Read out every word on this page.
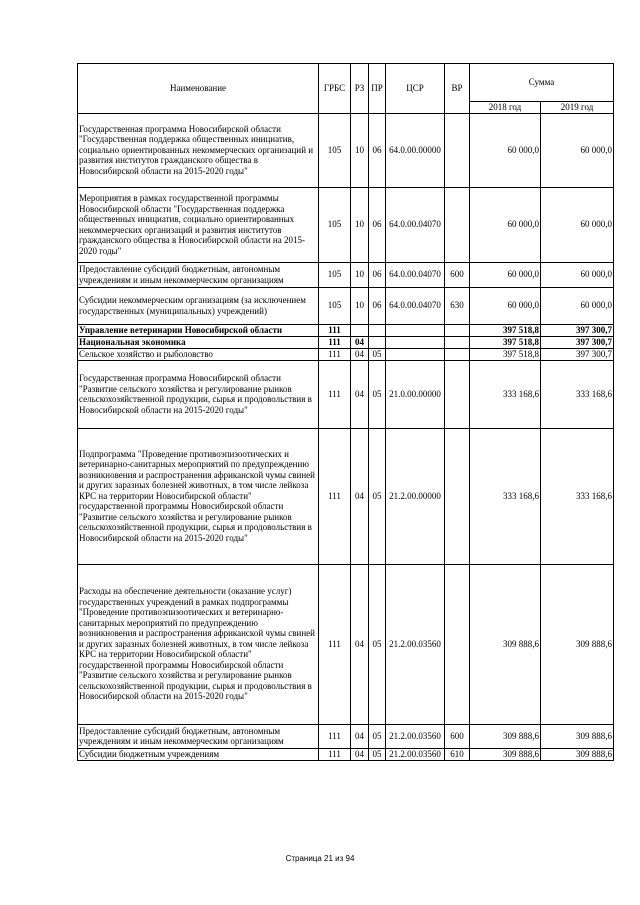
Наименование	ГРБС	РЗ	ПР	ЦСР	ВР	Сумма	
						2018 год	2019 год
Государственная программа Новосибирской области "Государственная поддержка общественных инициатив, социально ориентированных некоммерческих организаций и развития институтов гражданского общества в Новосибирской области на 2015-2020 годы"	105	10	06	64.0.00.00000		60 000,0	60 000,0
Мероприятия в рамках государственной программы Новосибирской области "Государственная поддержка общественных инициатив, социально ориентированных некоммерческих организаций и развития институтов гражданского общества в Новосибирской области на 2015-2020 годы"	105	10	06	64.0.00.04070		60 000,0	60 000,0
Предоставление субсидий бюджетным, автономным учреждениям и иным некоммерческим организациям	105	10	06	64.0.00.04070	600	60 000,0	60 000,0
Субсидии некоммерческим организациям (за исключением государственных (муниципальных) учреждений)	105	10	06	64.0.00.04070	630	60 000,0	60 000,0
Управление ветеринарии Новосибирской области	111					397 518,8	397 300,7
Национальная экономика	111	04				397 518,8	397 300,7
Сельское хозяйство и рыболовство	111	04	05			397 518,8	397 300,7
Государственная программа Новосибирской области "Развитие сельского хозяйства и регулирование рынков сельскохозяйственной продукции, сырья и продовольствия в Новосибирской области на 2015-2020 годы"	111	04	05	21.0.00.00000		333 168,6	333 168,6
Подпрограмма "Проведение противоэпизоотических и ветеринарно-санитарных мероприятий по предупреждению возникновения и распространения африканской чумы свиней и других заразных болезней животных, в том числе лейкоза КРС на территории Новосибирской области" государственной программы Новосибирской области "Развитие сельского хозяйства и регулирование рынков сельскохозяйственной продукции, сырья и продовольствия в Новосибирской области на 2015-2020 годы"	111	04	05	21.2.00.00000		333 168,6	333 168,6
Расходы на обеспечение деятельности (оказание услуг) государственных учреждений в рамках подпрограммы "Проведение противоэпизоотических и ветеринарно-санитарных мероприятий по предупреждению возникновения и распространения африканской чумы свиней и других заразных болезней животных, в том числе лейкоза КРС на территории Новосибирской области" государственной программы Новосибирской области "Развитие сельского хозяйства и регулирование рынков сельскохозяйственной продукции, сырья и продовольствия в Новосибирской области на 2015-2020 годы"	111	04	05	21.2.00.03560		309 888,6	309 888,6
Предоставление субсидий бюджетным, автономным учреждениям и иным некоммерческим организациям	111	04	05	21.2.00.03560	600	309 888,6	309 888,6
Субсидии бюджетным учреждениям	111	04	05	21.2.00.03560	610	309 888,6	309 888,6
Страница 21 из 94
